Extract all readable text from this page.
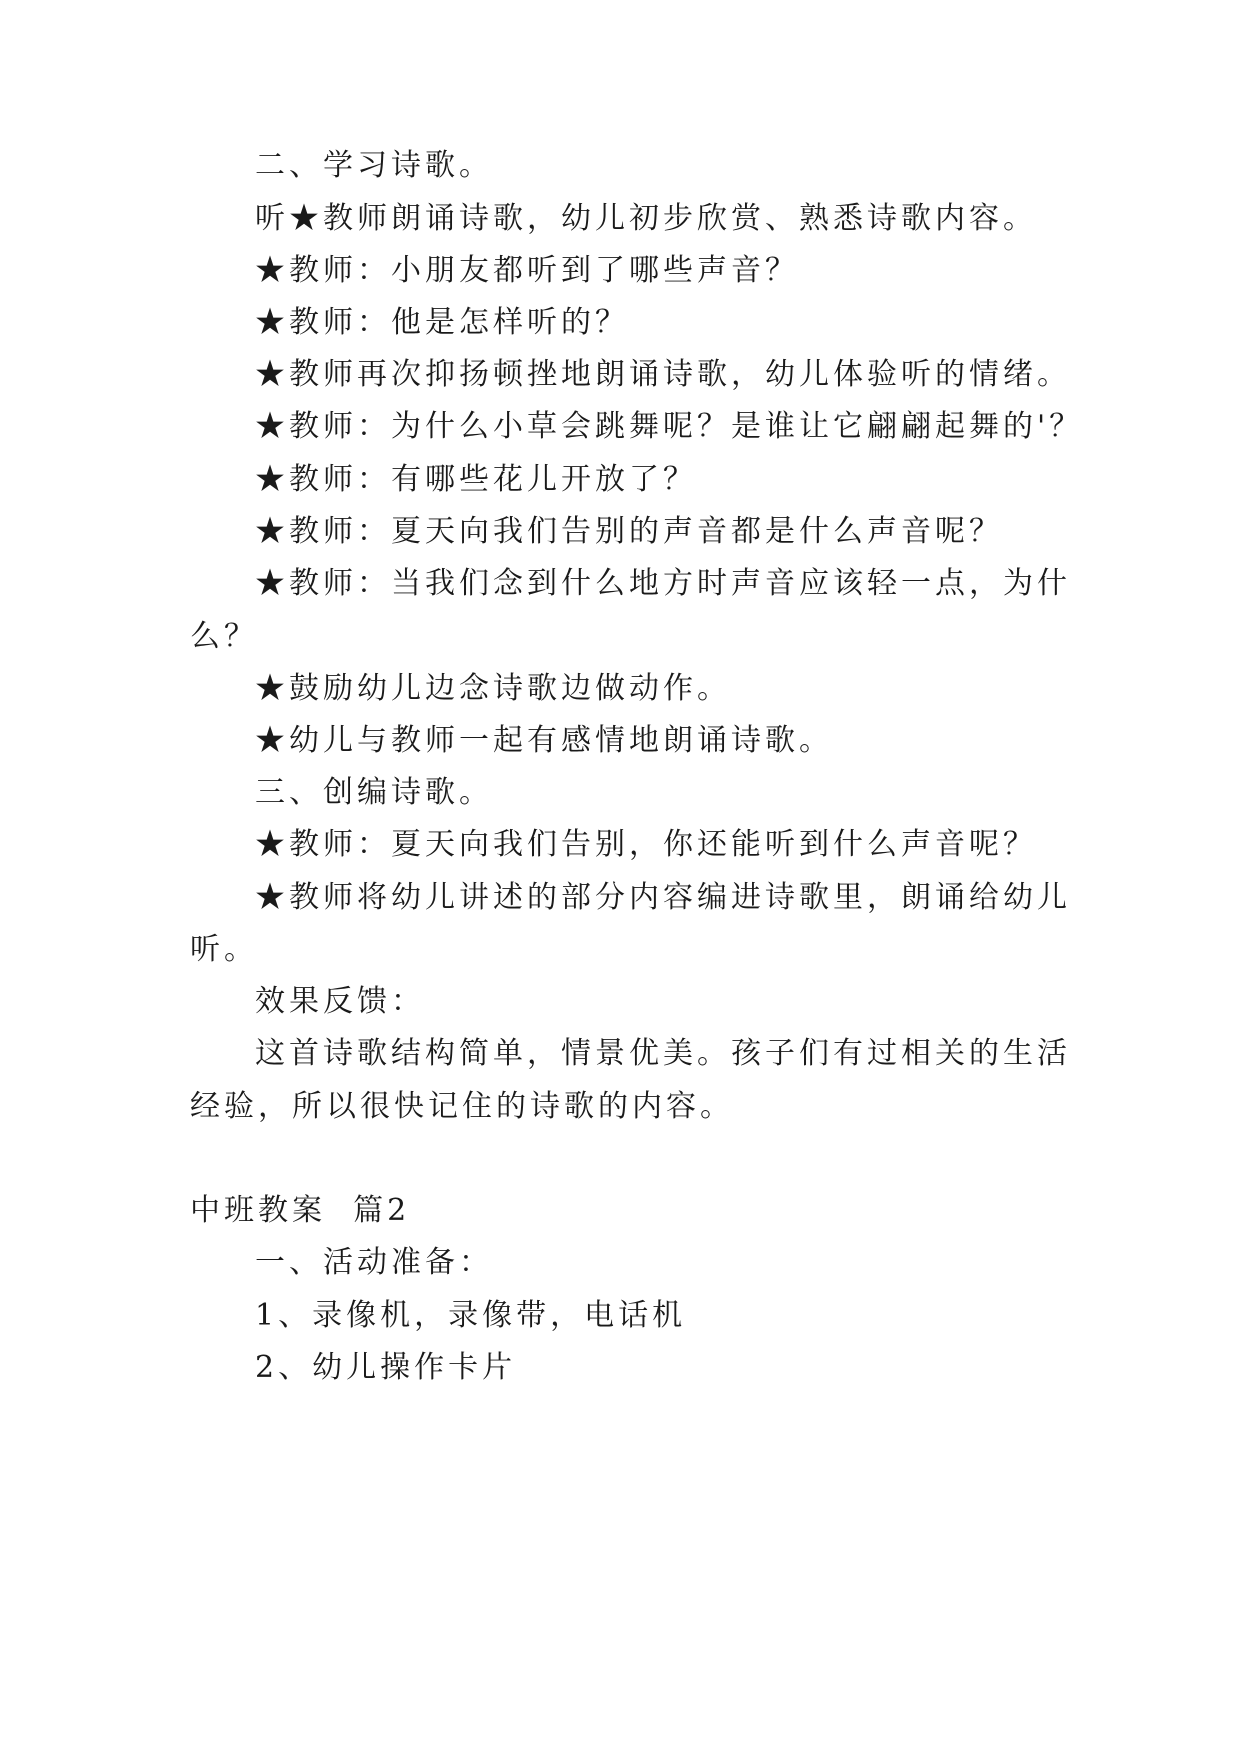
二、学习诗歌。
听★教师朗诵诗歌，幼儿初步欣赏、熟悉诗歌内容。
★教师：小朋友都听到了哪些声音？
★教师：他是怎样听的？
★教师再次抑扬顿挫地朗诵诗歌，幼儿体验听的情绪。
★教师：为什么小草会跳舞呢？是谁让它翩翩起舞的'？
★教师：有哪些花儿开放了？
★教师：夏天向我们告别的声音都是什么声音呢？
★教师：当我们念到什么地方时声音应该轻一点，为什
么？
★鼓励幼儿边念诗歌边做动作。
★幼儿与教师一起有感情地朗诵诗歌。
三、创编诗歌。
★教师：夏天向我们告别，你还能听到什么声音呢？
★教师将幼儿讲述的部分内容编进诗歌里，朗诵给幼儿
听。
效果反馈：
这首诗歌结构简单，情景优美。孩子们有过相关的生活
经验，所以很快记住的诗歌的内容。
中班教案  篇2
一、活动准备：
1、录像机，录像带，电话机
2、幼儿操作卡片
